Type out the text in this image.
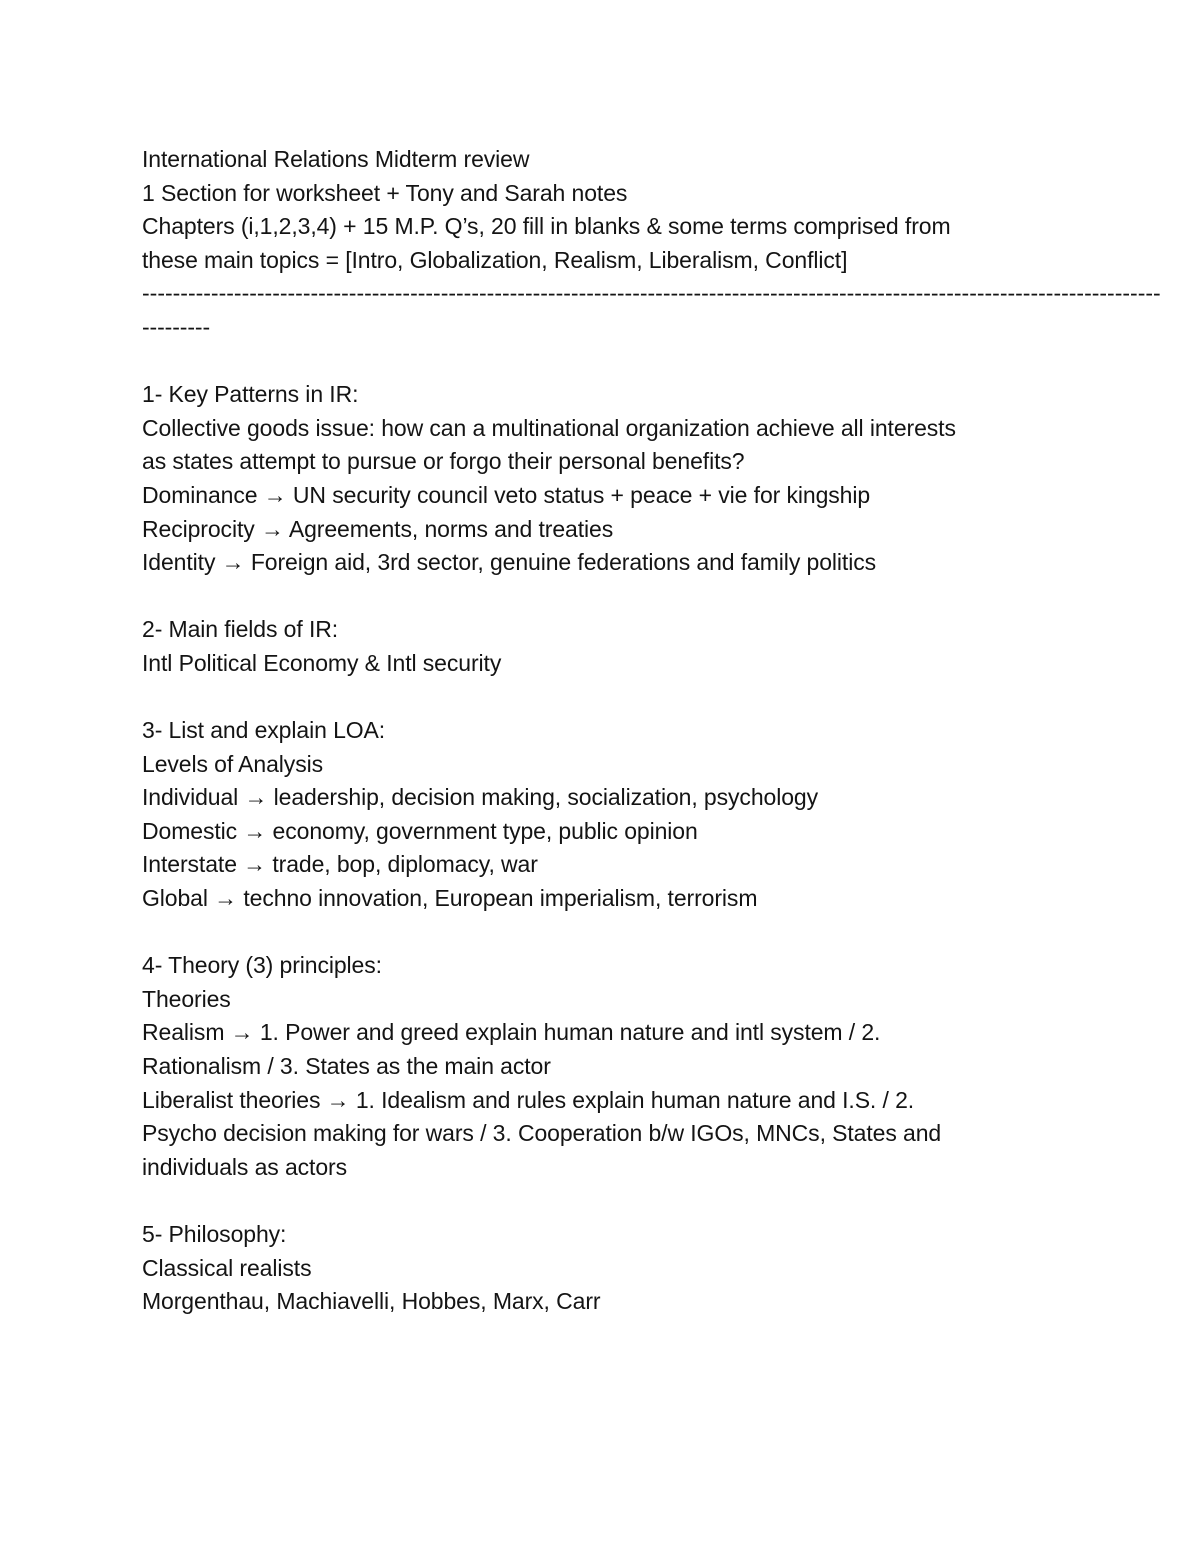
International Relations Midterm review
1 Section for worksheet + Tony and Sarah notes
Chapters (i,1,2,3,4) + 15 M.P. Q’s, 20 fill in blanks & some terms comprised from
these main topics = [Intro, Globalization, Realism, Liberalism, Conflict]
-------------------------------------------------------------------------------------------------------------------------------------
---------
1- Key Patterns in IR:
Collective goods issue: how can a multinational organization achieve all interests
as states attempt to pursue or forgo their personal benefits?
Dominance → UN security council veto status + peace + vie for kingship
Reciprocity → Agreements, norms and treaties
Identity → Foreign aid, 3rd sector, genuine federations and family politics
2- Main fields of IR:
Intl Political Economy & Intl security
3- List and explain LOA:
Levels of Analysis
Individual → leadership, decision making, socialization, psychology
Domestic → economy, government type, public opinion
Interstate → trade, bop, diplomacy, war
Global → techno innovation, European imperialism, terrorism
4- Theory (3) principles:
Theories
Realism → 1. Power and greed explain human nature and intl system / 2.
Rationalism / 3. States as the main actor
Liberalist theories → 1. Idealism and rules explain human nature and I.S. / 2.
Psycho decision making for wars / 3. Cooperation b/w IGOs, MNCs, States and
individuals as actors
5- Philosophy:
Classical realists
Morgenthau, Machiavelli, Hobbes, Marx, Carr
